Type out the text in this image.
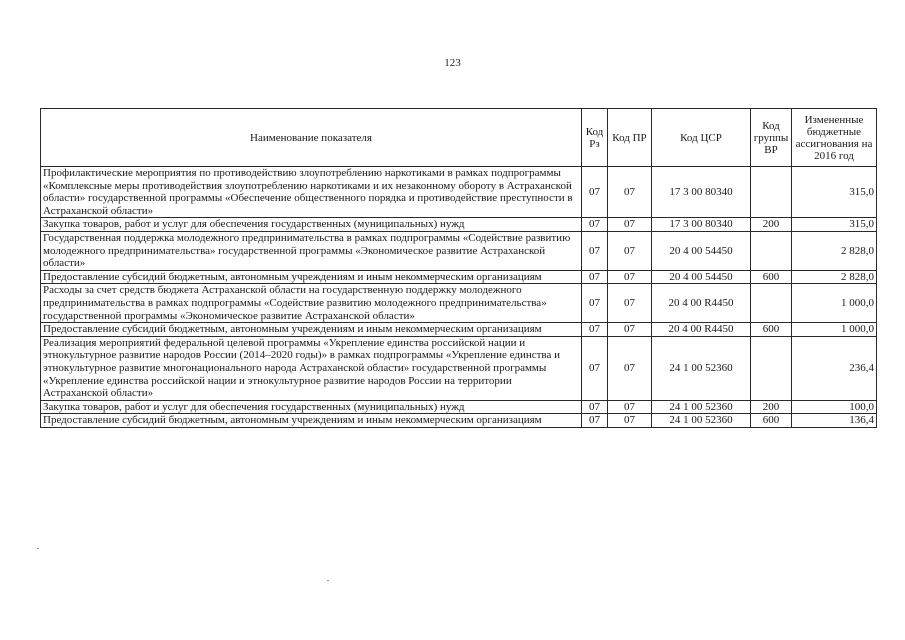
123
Наименование показателя	Код Рз	Код ПР	Код ЦСР	Код группы ВР	Измененные бюджетные ассигнования на 2016 год
Профилактические мероприятия по противодействию злоупотреблению наркотиками в рамках подпрограммы «Комплексные меры противодействия злоупотреблению наркотиками и их незаконному обороту в Астраханской области» государственной программы «Обеспечение общественного порядка и противодействие преступности в Астраханской области»	07	07	17 3 00 80340		315,0
Закупка товаров, работ и услуг для обеспечения государственных (муниципальных) нужд	07	07	17 3 00 80340	200	315,0
Государственная поддержка молодежного предпринимательства в рамках подпрограммы «Содействие развитию молодежного предпринимательства» государственной программы «Экономическое развитие Астраханской области»	07	07	20 4 00 54450		2 828,0
Предоставление субсидий бюджетным, автономным учреждениям и иным некоммерческим организациям	07	07	20 4 00 54450	600	2 828,0
Расходы за счет средств бюджета Астраханской области на государственную поддержку молодежного предпринимательства в рамках подпрограммы «Содействие развитию молодежного предпринимательства» государственной программы «Экономическое развитие Астраханской области»	07	07	20 4 00 R4450		1 000,0
Предоставление субсидий бюджетным, автономным учреждениям и иным некоммерческим организациям	07	07	20 4 00 R4450	600	1 000,0
Реализация мероприятий федеральной целевой программы «Укрепление единства российской нации и этнокультурное развитие народов России (2014–2020 годы)» в рамках подпрограммы «Укрепление единства и этнокультурное развитие многонационального народа Астраханской области» государственной программы «Укрепление единства российской нации и этнокультурное развитие народов России на территории Астраханской области»	07	07	24 1 00 52360		236,4
Закупка товаров, работ и услуг для обеспечения государственных (муниципальных) нужд	07	07	24 1 00 52360	200	100,0
Предоставление субсидий бюджетным, автономным учреждениям и иным некоммерческим организациям	07	07	24 1 00 52360	600	136,4
